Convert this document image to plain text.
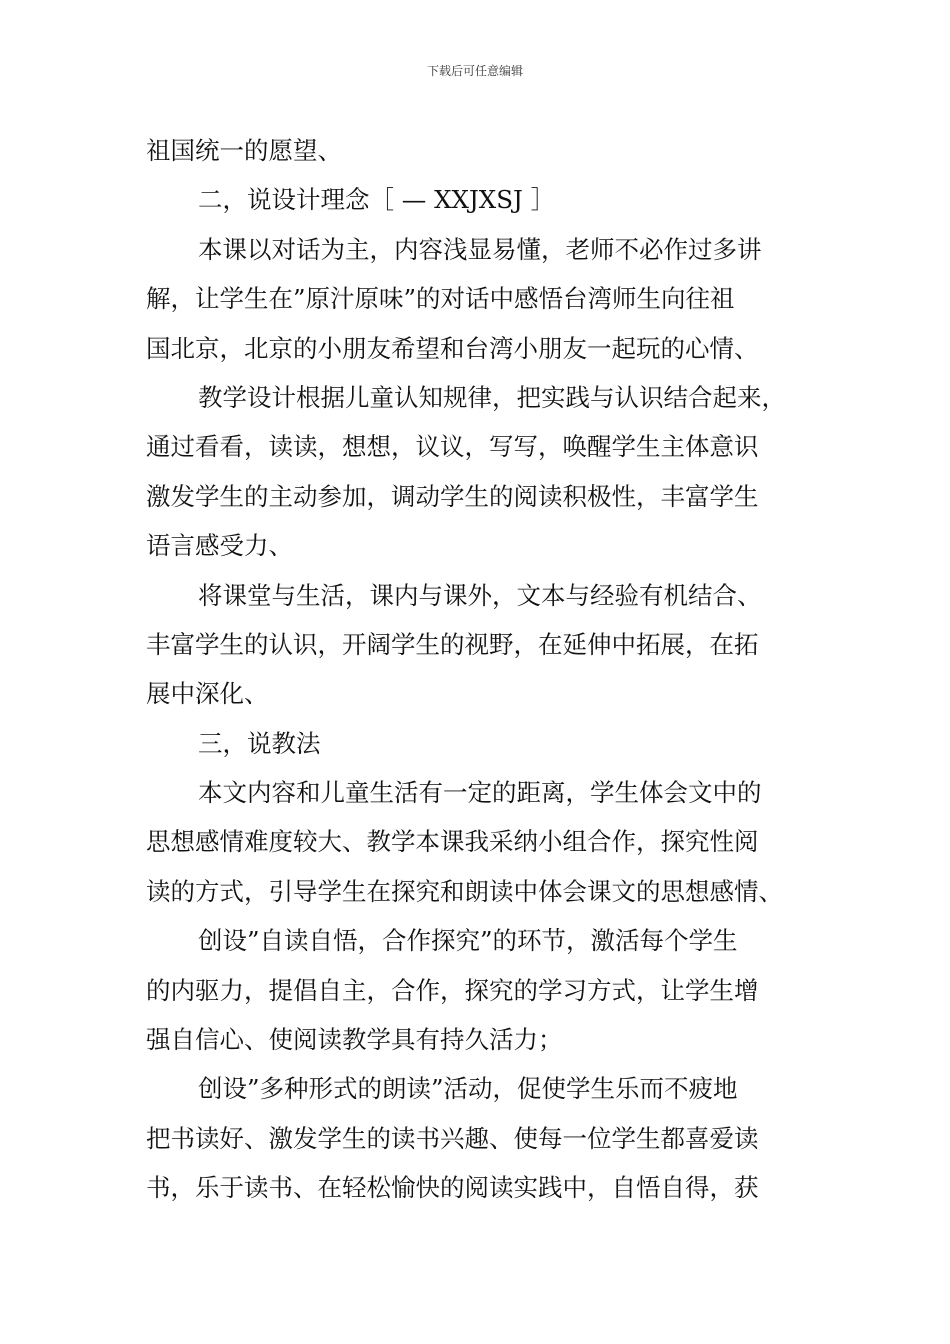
下载后可任意编辑
祖国统一的愿望、
二，说设计理念［ — XXJXSJ ］
本课以对话为主，内容浅显易懂，老师不必作过多讲
解，让学生在”原汁原味”的对话中感悟台湾师生向往祖
国北京，北京的小朋友希望和台湾小朋友一起玩的心情、
教学设计根据儿童认知规律，把实践与认识结合起来，
通过看看，读读，想想，议议，写写，唤醒学生主体意识
激发学生的主动参加，调动学生的阅读积极性，丰富学生
语言感受力、
将课堂与生活，课内与课外，文本与经验有机结合、
丰富学生的认识，开阔学生的视野，在延伸中拓展，在拓
展中深化、
三，说教法
本文内容和儿童生活有一定的距离，学生体会文中的
思想感情难度较大、教学本课我采纳小组合作，探究性阅
读的方式，引导学生在探究和朗读中体会课文的思想感情、
创设”自读自悟，合作探究”的环节，激活每个学生
的内驱力，提倡自主，合作，探究的学习方式，让学生增
强自信心、使阅读教学具有持久活力；
创设”多种形式的朗读”活动，促使学生乐而不疲地
把书读好、激发学生的读书兴趣、使每一位学生都喜爱读
书，乐于读书、在轻松愉快的阅读实践中，自悟自得，获
